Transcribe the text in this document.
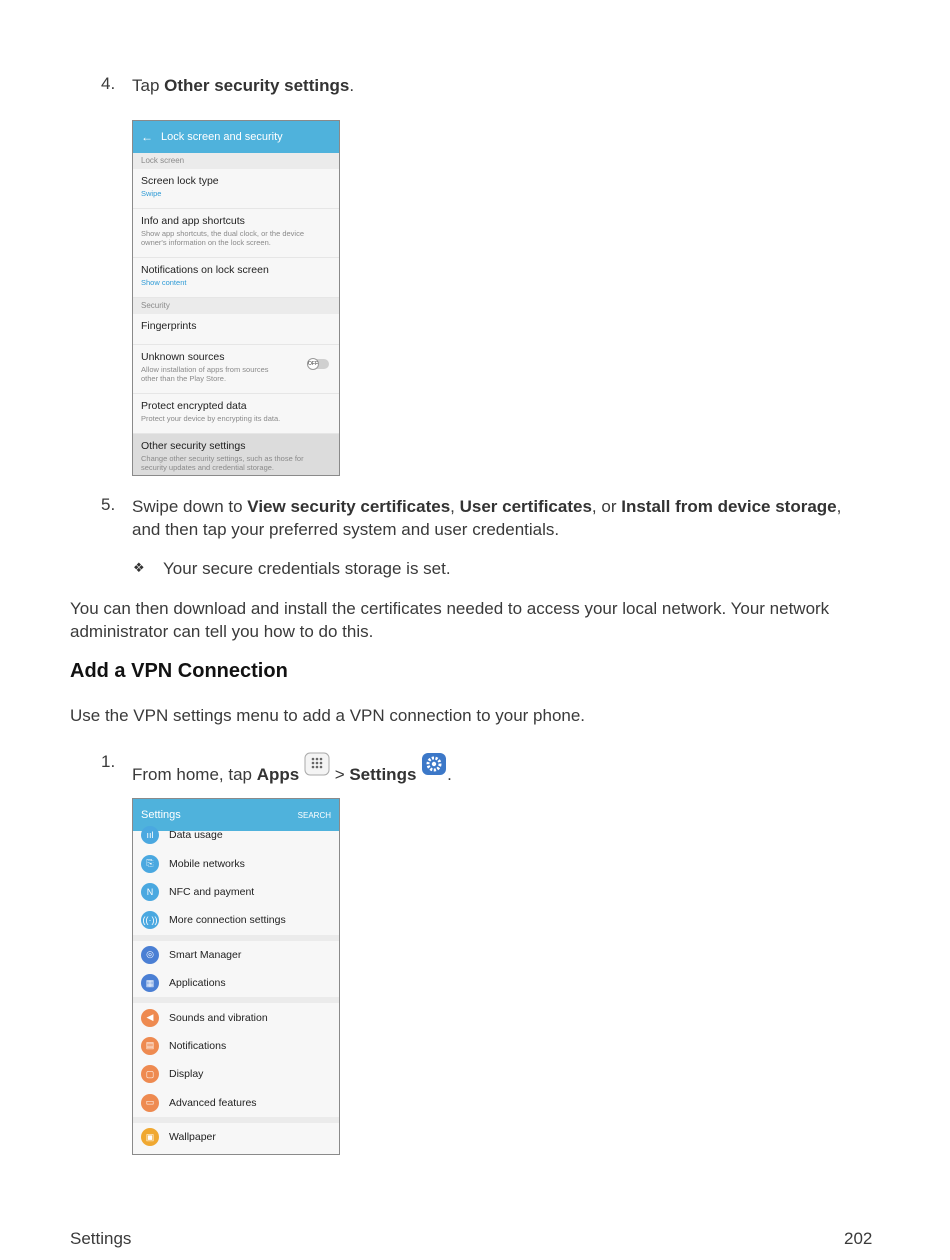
4. Tap Other security settings.
← Lock screen and security
Lock screen
Screen lock type
Swipe
Info and app shortcuts
Show app shortcuts, the dual clock, or the device owner's information on the lock screen.
Notifications on lock screen
Show content
Security
Fingerprints
Unknown sources
Allow installation of apps from sources other than the Play Store.
OFF
Protect encrypted data
Protect your device by encrypting its data.
Other security settings
Change other security settings, such as those for security updates and credential storage.
5. Swipe down to View security certificates, User certificates, or Install from device storage,
and then tap your preferred system and user credentials.
❖ Your secure credentials storage is set.
You can then download and install the certificates needed to access your local network. Your network
administrator can tell you how to do this.
Add a VPN Connection
Use the VPN settings menu to add a VPN connection to your phone.
1.
From home, tap Apps  > Settings .
Settings	SEARCH
ııl	Data usage
⎘	Mobile networks
N	NFC and payment
((·)) More connection settings
◎	Smart Manager
▦	Applications
◀	Sounds and vibration
▤	Notifications
▢	Display
▭	Advanced features
▣	Wallpaper
Settings	202
